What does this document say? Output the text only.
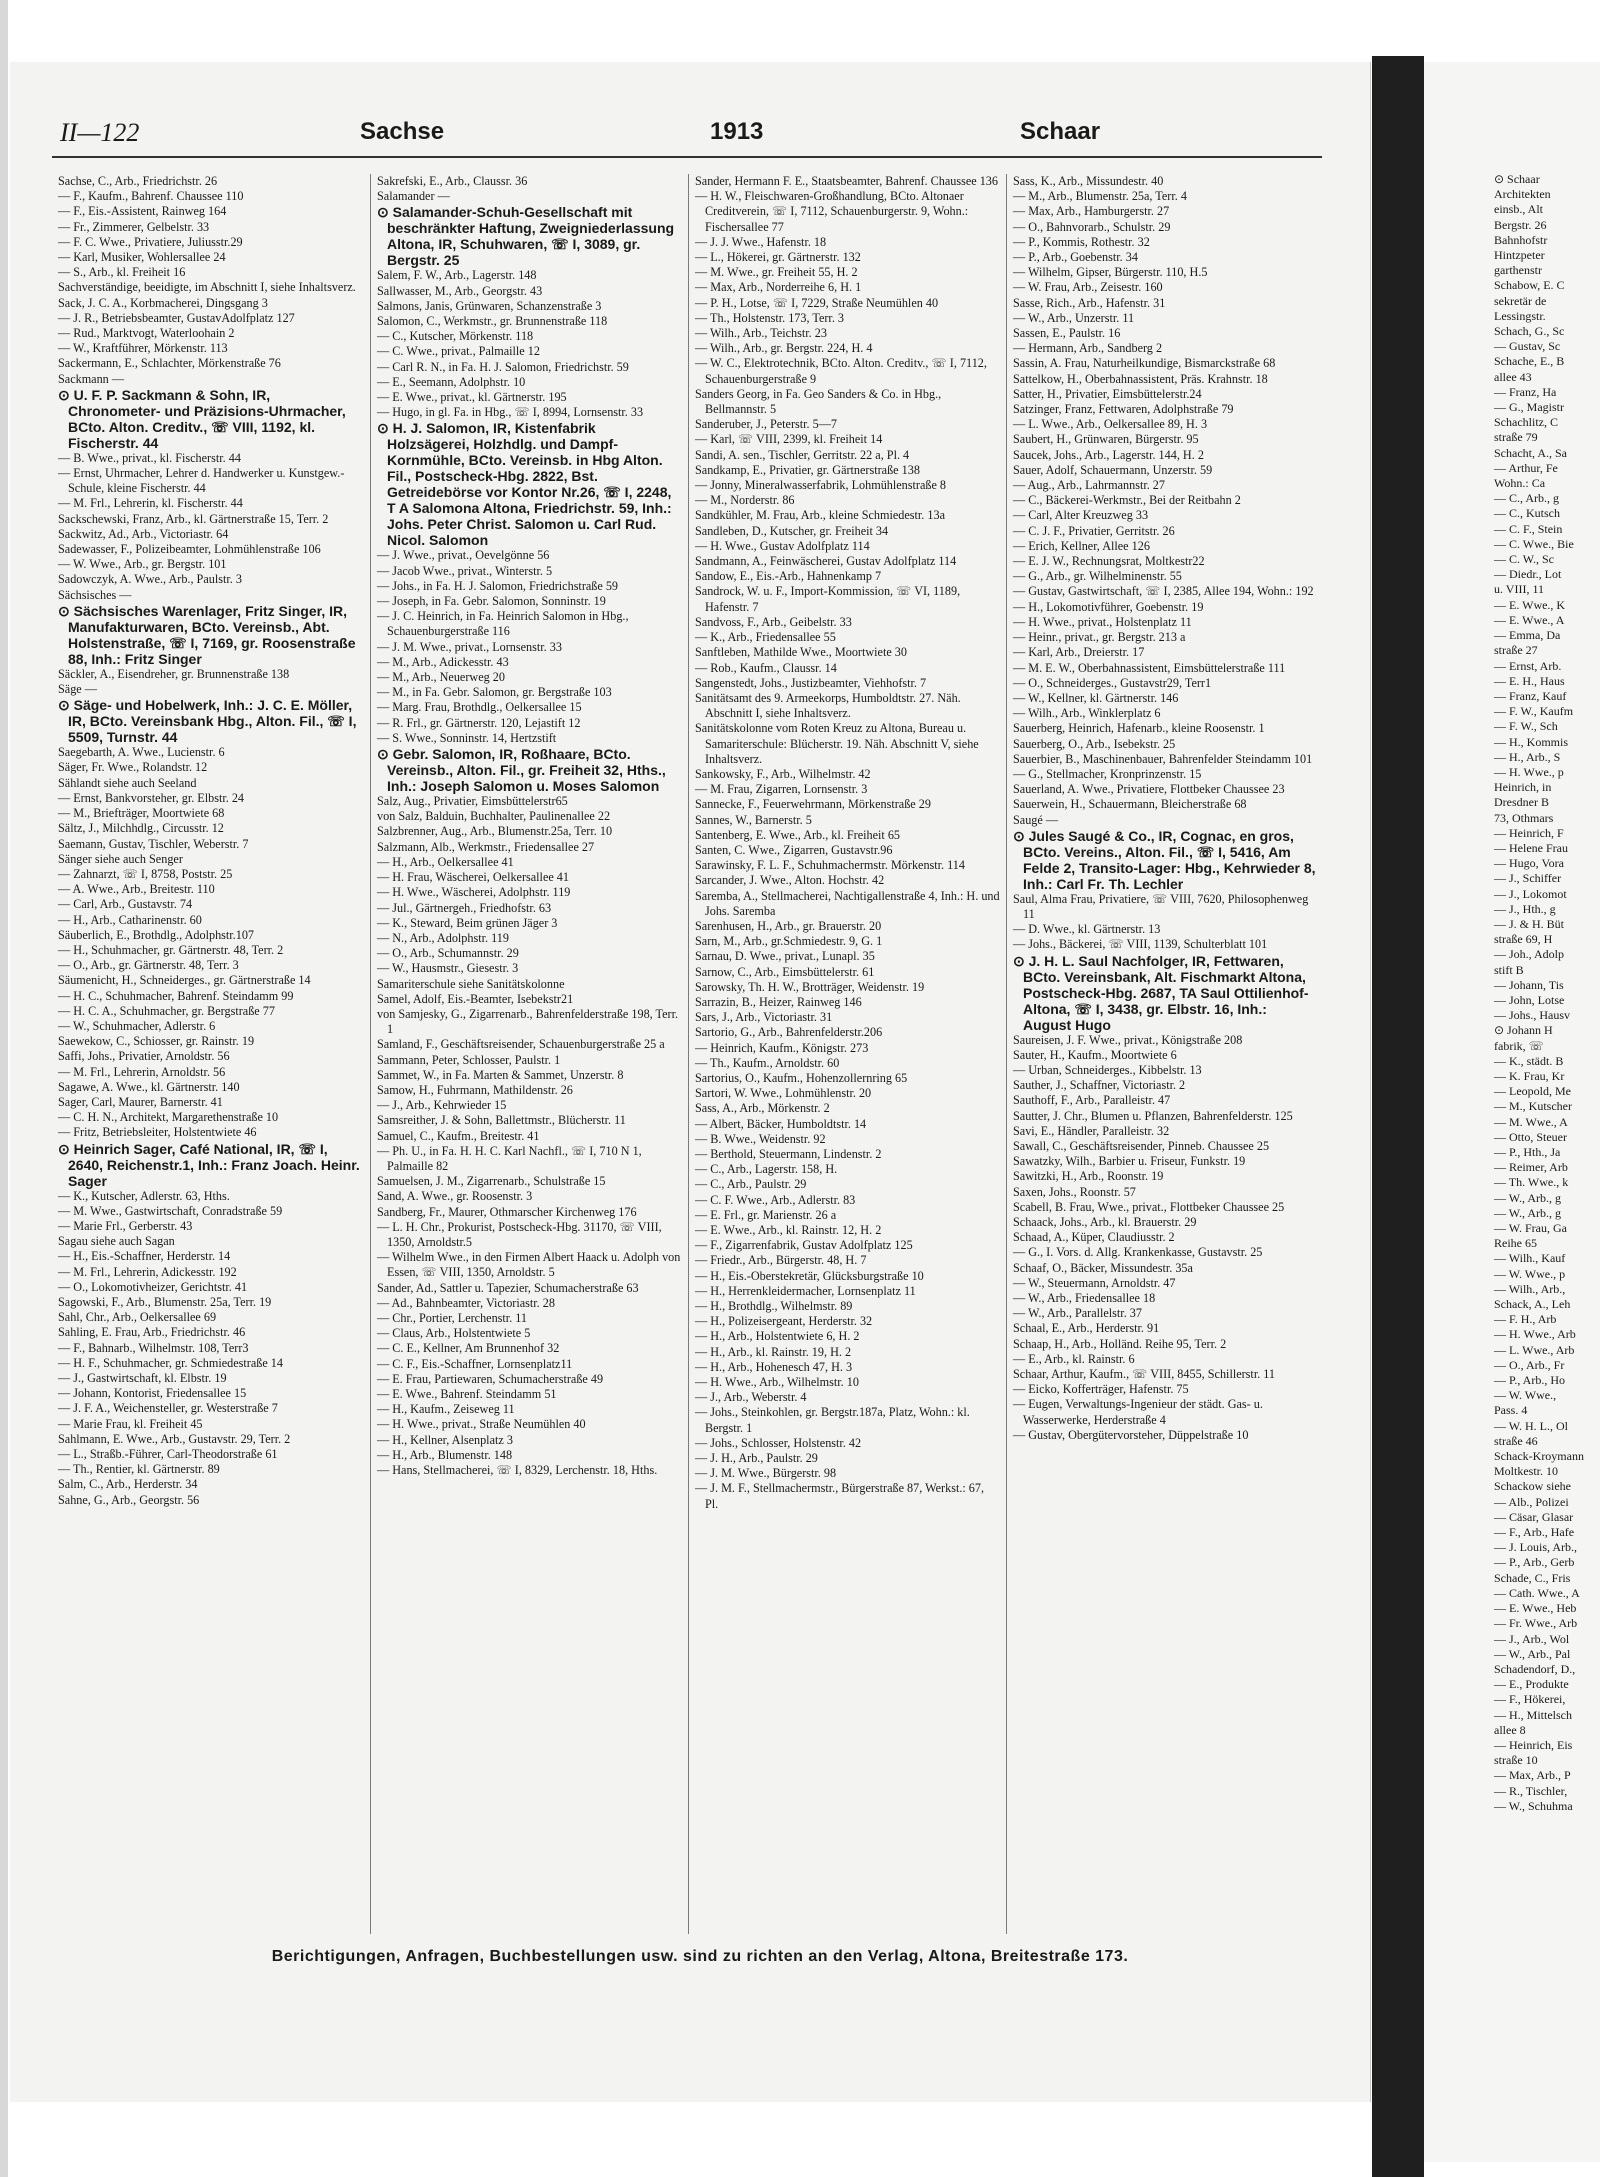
II—122	Sachse	1913	Schaar

Sachse, C., Arb., Friedrichstr. 26

— F., Kaufm., Bahrenf. Chaussee 110

— F., Eis.-Assistent, Rainweg 164

— Fr., Zimmerer, Gelbelstr. 33

— F. C. Wwe., Privatiere, Juliusstr.29

— Karl, Musiker, Wohlersallee 24

— S., Arb., kl. Freiheit 16

Sachverständige, beeidigte, im Abschnitt I, siehe Inhaltsverz.

Sack, J. C. A., Korbmacherei, Dingsgang 3

— J. R., Betriebsbeamter, GustavAdolfplatz 127

— Rud., Marktvogt, Waterloohain 2

— W., Kraftführer, Mörkenstr. 113

Sackermann, E., Schlachter, Mörkenstraße 76

Sackmann —

⊙ U. F. P. Sackmann & Sohn, IR, Chronometer- und Präzisions-Uhrmacher, BCto. Alton. Creditv., ☏ VIII, 1192, kl. Fischerstr. 44

— B. Wwe., privat., kl. Fischerstr. 44

— Ernst, Uhrmacher, Lehrer d. Handwerker u. Kunstgew.-Schule, kleine Fischerstr. 44

— M. Frl., Lehrerin, kl. Fischerstr. 44

Sackschewski, Franz, Arb., kl. Gärtnerstraße 15, Terr. 2

Sackwitz, Ad., Arb., Victoriastr. 64

Sadewasser, F., Polizeibeamter, Lohmühlenstraße 106

— W. Wwe., Arb., gr. Bergstr. 101

Sadowczyk, A. Wwe., Arb., Paulstr. 3

Sächsisches —

⊙ Sächsisches Warenlager, Fritz Singer, IR, Manufakturwaren, BCto. Vereinsb., Abt. Holstenstraße, ☏ I, 7169, gr. Roosenstraße 88, Inh.: Fritz Singer

Säckler, A., Eisendreher, gr. Brunnenstraße 138

Säge —

⊙ Säge- und Hobelwerk, Inh.: J. C. E. Möller, IR, BCto. Vereinsbank Hbg., Alton. Fil., ☏ I, 5509, Turnstr. 44

Saegebarth, A. Wwe., Lucienstr. 6

Säger, Fr. Wwe., Rolandstr. 12

Sählandt siehe auch Seeland

— Ernst, Bankvorsteher, gr. Elbstr. 24

— M., Briefträger, Moortwiete 68

Sältz, J., Milchhdlg., Circusstr. 12

Saemann, Gustav, Tischler, Weberstr. 7

Sänger siehe auch Senger

— Zahnarzt, ☏ I, 8758, Poststr. 25

— A. Wwe., Arb., Breitestr. 110

— Carl, Arb., Gustavstr. 74

— H., Arb., Catharinenstr. 60

Säuberlich, E., Brothdlg., Adolphstr.107

— H., Schuhmacher, gr. Gärtnerstr. 48, Terr. 2

— O., Arb., gr. Gärtnerstr. 48, Terr. 3

Säumenicht, H., Schneiderges., gr. Gärtnerstraße 14

— H. C., Schuhmacher, Bahrenf. Steindamm 99

— H. C. A., Schuhmacher, gr. Bergstraße 77

— W., Schuhmacher, Adlerstr. 6

Saewekow, C., Schiosser, gr. Rainstr. 19

Saffi, Johs., Privatier, Arnoldstr. 56

— M. Frl., Lehrerin, Arnoldstr. 56

Sagawe, A. Wwe., kl. Gärtnerstr. 140

Sager, Carl, Maurer, Barnerstr. 41

— C. H. N., Architekt, Margarethenstraße 10

— Fritz, Betriebsleiter, Holstentwiete 46

⊙ Heinrich Sager, Café National, IR, ☏ I, 2640, Reichenstr.1, Inh.: Franz Joach. Heinr. Sager

— K., Kutscher, Adlerstr. 63, Hths.

— M. Wwe., Gastwirtschaft, Conradstraße 59

— Marie Frl., Gerberstr. 43

Sagau siehe auch Sagan

— H., Eis.-Schaffner, Herderstr. 14

— M. Frl., Lehrerin, Adickesstr. 192

— O., Lokomotivheizer, Gerichtstr. 41

Sagowski, F., Arb., Blumenstr. 25a, Terr. 19

Sahl, Chr., Arb., Oelkersallee 69

Sahling, E. Frau, Arb., Friedrichstr. 46

— F., Bahnarb., Wilhelmstr. 108, Terr3

— H. F., Schuhmacher, gr. Schmiedestraße 14

— J., Gastwirtschaft, kl. Elbstr. 19

— Johann, Kontorist, Friedensallee 15

— J. F. A., Weichensteller, gr. Westerstraße 7

— Marie Frau, kl. Freiheit 45

Sahlmann, E. Wwe., Arb., Gustavstr. 29, Terr. 2

— L., Straßb.-Führer, Carl-Theodorstraße 61

— Th., Rentier, kl. Gärtnerstr. 89

Salm, C., Arb., Herderstr. 34

Sahne, G., Arb., Georgstr. 56

Sakrefski, E., Arb., Claussr. 36

Salamander —

⊙ Salamander-Schuh-Gesellschaft mit beschränkter Haftung, Zweigniederlassung Altona, IR, Schuhwaren, ☏ I, 3089, gr. Bergstr. 25

Salem, F. W., Arb., Lagerstr. 148

Sallwasser, M., Arb., Georgstr. 43

Salmons, Janis, Grünwaren, Schanzenstraße 3

Salomon, C., Werkmstr., gr. Brunnenstraße 118

— C., Kutscher, Mörkenstr. 118

— C. Wwe., privat., Palmaille 12

— Carl R. N., in Fa. H. J. Salomon, Friedrichstr. 59

— E., Seemann, Adolphstr. 10

— E. Wwe., privat., kl. Gärtnerstr. 195

— Hugo, in gl. Fa. in Hbg., ☏ I, 8994, Lornsenstr. 33

⊙ H. J. Salomon, IR, Kistenfabrik Holzsägerei, Holzhdlg. und Dampf-Kornmühle, BCto. Vereinsb. in Hbg Alton. Fil., Postscheck-Hbg. 2822, Bst. Getreidebörse vor Kontor Nr.26, ☏ I, 2248, T A Salomona Altona, Friedrichstr. 59, Inh.: Johs. Peter Christ. Salomon u. Carl Rud. Nicol. Salomon

— J. Wwe., privat., Oevelgönne 56

— Jacob Wwe., privat., Winterstr. 5

— Johs., in Fa. H. J. Salomon, Friedrichstraße 59

— Joseph, in Fa. Gebr. Salomon, Sonninstr. 19

— J. C. Heinrich, in Fa. Heinrich Salomon in Hbg., Schauenburgerstraße 116

— J. M. Wwe., privat., Lornsenstr. 33

— M., Arb., Adickesstr. 43

— M., Arb., Neuerweg 20

— M., in Fa. Gebr. Salomon, gr. Bergstraße 103

— Marg. Frau, Brothdlg., Oelkersallee 15

— R. Frl., gr. Gärtnerstr. 120, Lejastift 12

— S. Wwe., Sonninstr. 14, Hertzstift

⊙ Gebr. Salomon, IR, Roßhaare, BCto. Vereinsb., Alton. Fil., gr. Freiheit 32, Hths., Inh.: Joseph Salomon u. Moses Salomon

Salz, Aug., Privatier, Eimsbüttelerstr65

von Salz, Balduin, Buchhalter, Paulinenallee 22

Salzbrenner, Aug., Arb., Blumenstr.25a, Terr. 10

Salzmann, Alb., Werkmstr., Friedensallee 27

— H., Arb., Oelkersallee 41

— H. Frau, Wäscherei, Oelkersallee 41

— H. Wwe., Wäscherei, Adolphstr. 119

— Jul., Gärtnergeh., Friedhofstr. 63

— K., Steward, Beim grünen Jäger 3

— N., Arb., Adolphstr. 119

— O., Arb., Schumannstr. 29

— W., Hausmstr., Giesestr. 3

Samariterschule siehe Sanitätskolonne

Samel, Adolf, Eis.-Beamter, Isebekstr21

von Samjesky, G., Zigarrenarb., Bahrenfelderstraße 198, Terr. 1

Samland, F., Geschäftsreisender, Schauenburgerstraße 25 a

Sammann, Peter, Schlosser, Paulstr. 1

Sammet, W., in Fa. Marten & Sammet, Unzerstr. 8

Samow, H., Fuhrmann, Mathildenstr. 26

— J., Arb., Kehrwieder 15

Samsreither, J. & Sohn, Ballettmstr., Blücherstr. 11

Samuel, C., Kaufm., Breitestr. 41

— Ph. U., in Fa. H. H. C. Karl Nachfl., ☏ I, 710 N 1, Palmaille 82

Samuelsen, J. M., Zigarrenarb., Schulstraße 15

Sand, A. Wwe., gr. Roosenstr. 3

Sandberg, Fr., Maurer, Othmarscher Kirchenweg 176

— L. H. Chr., Prokurist, Postscheck-Hbg. 31170, ☏ VIII, 1350, Arnoldstr.5

— Wilhelm Wwe., in den Firmen Albert Haack u. Adolph von Essen, ☏ VIII, 1350, Arnoldstr. 5

Sander, Ad., Sattler u. Tapezier, Schumacherstraße 63

— Ad., Bahnbeamter, Victoriastr. 28

— Chr., Portier, Lerchenstr. 11

— Claus, Arb., Holstentwiete 5

— C. E., Kellner, Am Brunnenhof 32

— C. F., Eis.-Schaffner, Lornsenplatz11

— E. Frau, Partiewaren, Schumacherstraße 49

— E. Wwe., Bahrenf. Steindamm 51

— H., Kaufm., Zeiseweg 11

— H. Wwe., privat., Straße Neumühlen 40

— H., Kellner, Alsenplatz 3

— H., Arb., Blumenstr. 148

— Hans, Stellmacherei, ☏ I, 8329, Lerchenstr. 18, Hths.

Sander, Hermann F. E., Staatsbeamter, Bahrenf. Chaussee 136

— H. W., Fleischwaren-Großhandlung, BCto. Altonaer Creditverein, ☏ I, 7112, Schauenburgerstr. 9, Wohn.: Fischersallee 77

— J. J. Wwe., Hafenstr. 18

— L., Hökerei, gr. Gärtnerstr. 132

— M. Wwe., gr. Freiheit 55, H. 2

— Max, Arb., Norderreihe 6, H. 1

— P. H., Lotse, ☏ I, 7229, Straße Neumühlen 40

— Th., Holstenstr. 173, Terr. 3

— Wilh., Arb., Teichstr. 23

— Wilh., Arb., gr. Bergstr. 224, H. 4

— W. C., Elektrotechnik, BCto. Alton. Creditv., ☏ I, 7112, Schauenburgerstraße 9

Sanders Georg, in Fa. Geo Sanders & Co. in Hbg., Bellmannstr. 5

Sanderuber, J., Peterstr. 5—7

— Karl, ☏ VIII, 2399, kl. Freiheit 14

Sandi, A. sen., Tischler, Gerritstr. 22 a, Pl. 4

Sandkamp, E., Privatier, gr. Gärtnerstraße 138

— Jonny, Mineralwasserfabrik, Lohmühlenstraße 8

— M., Norderstr. 86

Sandkühler, M. Frau, Arb., kleine Schmiedestr. 13a

Sandleben, D., Kutscher, gr. Freiheit 34

— H. Wwe., Gustav Adolfplatz 114

Sandmann, A., Feinwäscherei, Gustav Adolfplatz 114

Sandow, E., Eis.-Arb., Hahnenkamp 7

Sandrock, W. u. F., Import-Kommission, ☏ VI, 1189, Hafenstr. 7

Sandvoss, F., Arb., Geibelstr. 33

— K., Arb., Friedensallee 55

Sanftleben, Mathilde Wwe., Moortwiete 30

— Rob., Kaufm., Claussr. 14

Sangenstedt, Johs., Justizbeamter, Viehhofstr. 7

Sanitätsamt des 9. Armeekorps, Humboldtstr. 27. Näh. Abschnitt I, siehe Inhaltsverz.

Sanitätskolonne vom Roten Kreuz zu Altona, Bureau u. Samariterschule: Blücherstr. 19. Näh. Abschnitt V, siehe Inhaltsverz.

Sankowsky, F., Arb., Wilhelmstr. 42

— M. Frau, Zigarren, Lornsenstr. 3

Sannecke, F., Feuerwehrmann, Mörkenstraße 29

Sannes, W., Barnerstr. 5

Santenberg, E. Wwe., Arb., kl. Freiheit 65

Santen, C. Wwe., Zigarren, Gustavstr.96

Sarawinsky, F. L. F., Schuhmachermstr. Mörkenstr. 114

Sarcander, J. Wwe., Alton. Hochstr. 42

Saremba, A., Stellmacherei, Nachtigallenstraße 4, Inh.: H. und Johs. Saremba

Sarenhusen, H., Arb., gr. Brauerstr. 20

Sarn, M., Arb., gr.Schmiedestr. 9, G. 1

Sarnau, D. Wwe., privat., Lunapl. 35

Sarnow, C., Arb., Eimsbüttelerstr. 61

Sarowsky, Th. H. W., Brotträger, Weidenstr. 19

Sarrazin, B., Heizer, Rainweg 146

Sars, J., Arb., Victoriastr. 31

Sartorio, G., Arb., Bahrenfelderstr.206

— Heinrich, Kaufm., Königstr. 273

— Th., Kaufm., Arnoldstr. 60

Sartorius, O., Kaufm., Hohenzollernring 65

Sartori, W. Wwe., Lohmühlenstr. 20

Sass, A., Arb., Mörkenstr. 2

— Albert, Bäcker, Humboldtstr. 14

— B. Wwe., Weidenstr. 92

— Berthold, Steuermann, Lindenstr. 2

— C., Arb., Lagerstr. 158, H.

— C., Arb., Paulstr. 29

— C. F. Wwe., Arb., Adlerstr. 83

— E. Frl., gr. Marienstr. 26 a

— E. Wwe., Arb., kl. Rainstr. 12, H. 2

— F., Zigarrenfabrik, Gustav Adolfplatz 125

— Friedr., Arb., Bürgerstr. 48, H. 7

— H., Eis.-Oberstekretär, Glücksburgstraße 10

— H., Herrenkleidermacher, Lornsenplatz 11

— H., Brothdlg., Wilhelmstr. 89

— H., Polizeisergeant, Herderstr. 32

— H., Arb., Holstentwiete 6, H. 2

— H., Arb., kl. Rainstr. 19, H. 2

— H., Arb., Hohenesch 47, H. 3

— H. Wwe., Arb., Wilhelmstr. 10

— J., Arb., Weberstr. 4

— Johs., Steinkohlen, gr. Bergstr.187a, Platz, Wohn.: kl. Bergstr. 1

— Johs., Schlosser, Holstenstr. 42

— J. H., Arb., Paulstr. 29

— J. M. Wwe., Bürgerstr. 98

— J. M. F., Stellmachermstr., Bürgerstraße 87, Werkst.: 67, Pl.

Sass, K., Arb., Missundestr. 40

— M., Arb., Blumenstr. 25a, Terr. 4

— Max, Arb., Hamburgerstr. 27

— O., Bahnvorarb., Schulstr. 29

— P., Kommis, Rothestr. 32

— P., Arb., Goebenstr. 34

— Wilhelm, Gipser, Bürgerstr. 110, H.5

— W. Frau, Arb., Zeisestr. 160

Sasse, Rich., Arb., Hafenstr. 31

— W., Arb., Unzerstr. 11

Sassen, E., Paulstr. 16

— Hermann, Arb., Sandberg 2

Sassin, A. Frau, Naturheilkundige, Bismarckstraße 68

Sattelkow, H., Oberbahnassistent, Präs. Krahnstr. 18

Satter, H., Privatier, Eimsbüttelerstr.24

Satzinger, Franz, Fettwaren, Adolphstraße 79

— L. Wwe., Arb., Oelkersallee 89, H. 3

Saubert, H., Grünwaren, Bürgerstr. 95

Saucek, Johs., Arb., Lagerstr. 144, H. 2

Sauer, Adolf, Schauermann, Unzerstr. 59

— Aug., Arb., Lahrmannstr. 27

— C., Bäckerei-Werkmstr., Bei der Reitbahn 2

— Carl, Alter Kreuzweg 33

— C. J. F., Privatier, Gerritstr. 26

— Erich, Kellner, Allee 126

— E. J. W., Rechnungsrat, Moltkestr22

— G., Arb., gr. Wilhelminenstr. 55

— Gustav, Gastwirtschaft, ☏ I, 2385, Allee 194, Wohn.: 192

— H., Lokomotivführer, Goebenstr. 19

— H. Wwe., privat., Holstenplatz 11

— Heinr., privat., gr. Bergstr. 213 a

— Karl, Arb., Dreierstr. 17

— M. E. W., Oberbahnassistent, Eimsbüttelerstraße 111

— O., Schneiderges., Gustavstr29, Terr1

— W., Kellner, kl. Gärtnerstr. 146

— Wilh., Arb., Winklerplatz 6

Sauerberg, Heinrich, Hafenarb., kleine Roosenstr. 1

Sauerberg, O., Arb., Isebekstr. 25

Sauerbier, B., Maschinenbauer, Bahrenfelder Steindamm 101

— G., Stellmacher, Kronprinzenstr. 15

Sauerland, A. Wwe., Privatiere, Flottbeker Chaussee 23

Sauerwein, H., Schauermann, Bleicherstraße 68

Saugé —

⊙ Jules Saugé & Co., IR, Cognac, en gros, BCto. Vereins., Alton. Fil., ☏ I, 5416, Am Felde 2, Transito-Lager: Hbg., Kehrwieder 8, Inh.: Carl Fr. Th. Lechler

Saul, Alma Frau, Privatiere, ☏ VIII, 7620, Philosophenweg 11

— D. Wwe., kl. Gärtnerstr. 13

— Johs., Bäckerei, ☏ VIII, 1139, Schulterblatt 101

⊙ J. H. L. Saul Nachfolger, IR, Fettwaren, BCto. Vereinsbank, Alt. Fischmarkt Altona, Postscheck-Hbg. 2687, TA Saul Ottilienhof-Altona, ☏ I, 3438, gr. Elbstr. 16, Inh.: August Hugo

Saureisen, J. F. Wwe., privat., Königstraße 208

Sauter, H., Kaufm., Moortwiete 6

— Urban, Schneiderges., Kibbelstr. 13

Sauther, J., Schaffner, Victoriastr. 2

Sauthoff, F., Arb., Paralleistr. 47

Sautter, J. Chr., Blumen u. Pflanzen, Bahrenfelderstr. 125

Savi, E., Händler, Paralleistr. 32

Sawall, C., Geschäftsreisender, Pinneb. Chaussee 25

Sawatzky, Wilh., Barbier u. Friseur, Funkstr. 19

Sawitzki, H., Arb., Roonstr. 19

Saxen, Johs., Roonstr. 57

Scabell, B. Frau, Wwe., privat., Flottbeker Chaussee 25

Schaack, Johs., Arb., kl. Brauerstr. 29

Schaad, A., Küper, Claudiusstr. 2

— G., I. Vors. d. Allg. Krankenkasse, Gustavstr. 25

Schaaf, O., Bäcker, Missundestr. 35a

— W., Steuermann, Arnoldstr. 47

— W., Arb., Friedensallee 18

— W., Arb., Parallelstr. 37

Schaal, E., Arb., Herderstr. 91

Schaap, H., Arb., Holländ. Reihe 95, Terr. 2

— E., Arb., kl. Rainstr. 6

Schaar, Arthur, Kaufm., ☏ VIII, 8455, Schillerstr. 11

— Eicko, Kofferträger, Hafenstr. 75

— Eugen, Verwaltungs-Ingenieur der städt. Gas- u. Wasserwerke, Herderstraße 4

— Gustav, Obergütervorsteher, Düppelstraße 10

Berichtigungen, Anfragen, Buchbestellungen usw. sind zu richten an den Verlag, Altona, Breitestraße 173.
⊙ Schaar
Architekten
einsb., Alt
Bergstr. 26
Bahnhofstr
Hintzpeter
garthenstr
Schabow, E. C
sekretär de
Lessingstr.
Schach, G., Sc
— Gustav, Sc
Schache, E., B
allee 43
— Franz, Ha
— G., Magistr
Schachlitz, C
straße 79
Schacht, A., Sa
— Arthur, Fe
Wohn.: Ca
— C., Arb., g
— C., Kutsch
— C. F., Stein
— C. Wwe., Bie
— C. W., Sc
— Diedr., Lot
u. VIII, 11
— E. Wwe., K
— E. Wwe., A
— Emma, Da
straße 27
— Ernst, Arb.
— E. H., Haus
— Franz, Kauf
— F. W., Kaufm
— F. W., Sch
— H., Kommis
— H., Arb., S
— H. Wwe., p
Heinrich, in
Dresdner B
73, Othmars
— Heinrich, F
— Helene Frau
— Hugo, Vora
— J., Schiffer
— J., Lokomot
— J., Hth., g
— J. & H. Büt
straße 69, H
— Joh., Adolp
stift B
— Johann, Tis
— John, Lotse
— Johs., Hausv
⊙ Johann H
fabrik, ☏
— K., städt. B
— K. Frau, Kr
— Leopold, Me
— M., Kutscher
— M. Wwe., A
— Otto, Steuer
— P., Hth., Ja
— Reimer, Arb
— Th. Wwe., k
— W., Arb., g
— W., Arb., g
— W. Frau, Ga
Reihe 65
— Wilh., Kauf
— W. Wwe., p
— Wilh., Arb.,
Schack, A., Leh
— F. H., Arb
— H. Wwe., Arb
— L. Wwe., Arb
— O., Arb., Fr
— P., Arb., Ho
— W. Wwe.,
Pass. 4
— W. H. L., Ol
straße 46
Schack-Kroymann
Moltkestr. 10
Schackow siehe
— Alb., Polizei
— Cäsar, Glasar
— F., Arb., Hafe
— J. Louis, Arb.,
— P., Arb., Gerb
Schade, C., Fris
— Cath. Wwe., A
— E. Wwe., Heb
— Fr. Wwe., Arb
— J., Arb., Wol
— W., Arb., Pal
Schadendorf, D.,
— E., Produkte
— F., Hökerei,
— H., Mittelsch
allee 8
— Heinrich, Eis
straße 10
— Max, Arb., P
— R., Tischler,
— W., Schuhma
